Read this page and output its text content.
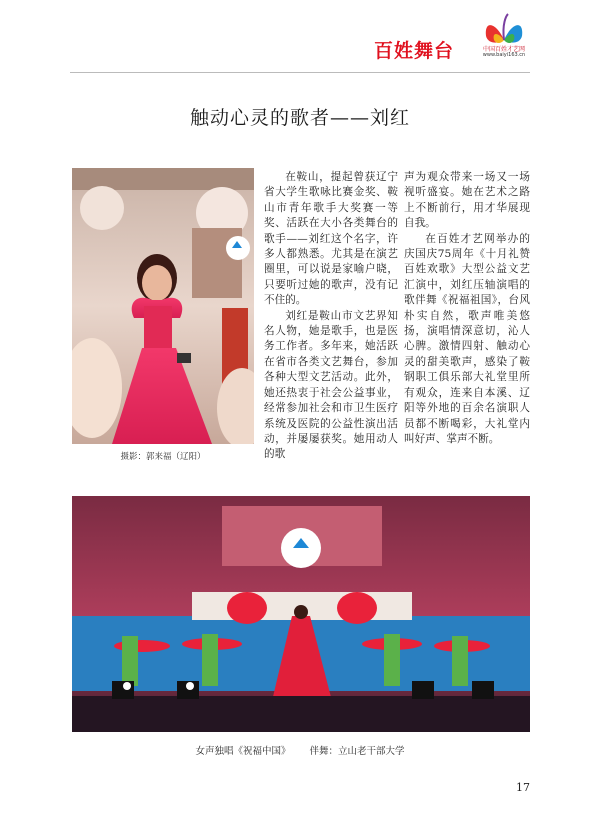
百姓舞台	中国百姓才艺网
www.baiyi163.cn
触动心灵的歌者——刘红
摄影：郭来福（辽阳）

在鞍山，提起曾获辽宁省大学生歌咏比赛金奖、鞍山市青年歌手大奖赛一等奖、活跃在大小各类舞台的歌手——刘红这个名字，许多人都熟悉。尤其是在演艺圈里，可以说是家喻户晓，只要听过她的歌声，没有记不住的。

刘红是鞍山市文艺界知名人物，她是歌手，也是医务工作者。多年来，她活跃在省市各类文艺舞台，参加各种大型文艺活动。此外，她还热衷于社会公益事业，经常参加社会和市卫生医疗系统及医院的公益性演出活动，并屡屡获奖。她用动人的歌

声为观众带来一场又一场视听盛宴。她在艺术之路上不断前行，用才华展现自我。

在百姓才艺网举办的庆国庆75周年《十月礼赞 百姓欢歌》大型公益文艺汇演中，刘红压轴演唱的歌伴舞《祝福祖国》，台风朴实自然，歌声唯美悠扬，演唱情深意切，沁人心脾。激情四射、触动心灵的甜美歌声，感染了鞍钢职工俱乐部大礼堂里所有观众，连来自本溪、辽阳等外地的百余名演职人员都不断喝彩，大礼堂内叫好声、掌声不断。

女声独唱《祝福中国》 伴舞：立山老干部大学
17
